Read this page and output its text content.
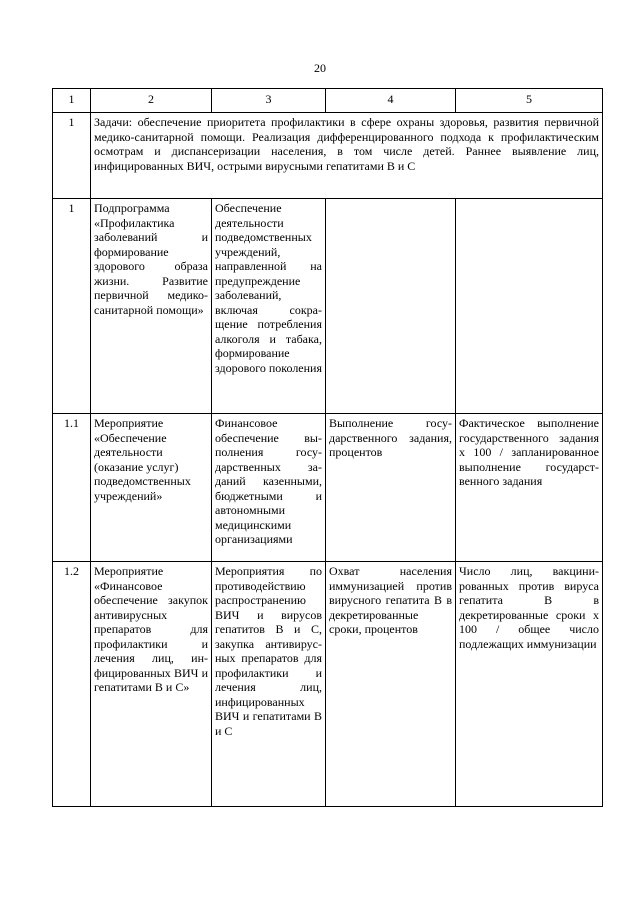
20
1	2	3	4	5
1	Задачи: обеспечение приоритета профилактики в сфере охраны здоровья, развития первичной медико-санитарной помощи. Реализация дифференцированного подхода к профилактическим осмотрам и диспансеризации населения, в том числе детей. Раннее выявление лиц, инфицированных ВИЧ, острыми вирусными гепатитами В и С			
1	Подпрограмма «Профилактика заболеваний и формирование здорового образа жизни. Развитие первичной медико-санитарной помощи»	Обеспечение деятельности подведомственных учреждений, направленной на предупреждение заболеваний, включая сокращение потребления алкоголя и табака, формирование здорового поколения		
1.1	Мероприятие «Обеспечение деятельности (оказание услуг) подведомственных учреждений»	Финансовое обеспечение выполнения государственных заданий казенными, бюджетными и автономными медицинскими организациями	Выполнение государственного задания, процентов	Фактическое выполнение государственного задания x 100 / запланированное выполнение государственного задания
1.2	Мероприятие «Финансовое обеспечение закупок антивирусных препаратов для профилактики и лечения лиц, инфицированных ВИЧ и гепатитами В и С»	Мероприятия по противодействию распространению ВИЧ и вирусов гепатитов В и С, закупка антивирусных препаратов для профилактики и лечения лиц, инфицированных ВИЧ и гепатитами В и С	Охват населения иммунизацией против вирусного гепатита В в декретированные сроки, процентов	Число лиц, вакцинированных против вируса гепатита В в декретированные сроки x 100 / общее число подлежащих иммунизации
